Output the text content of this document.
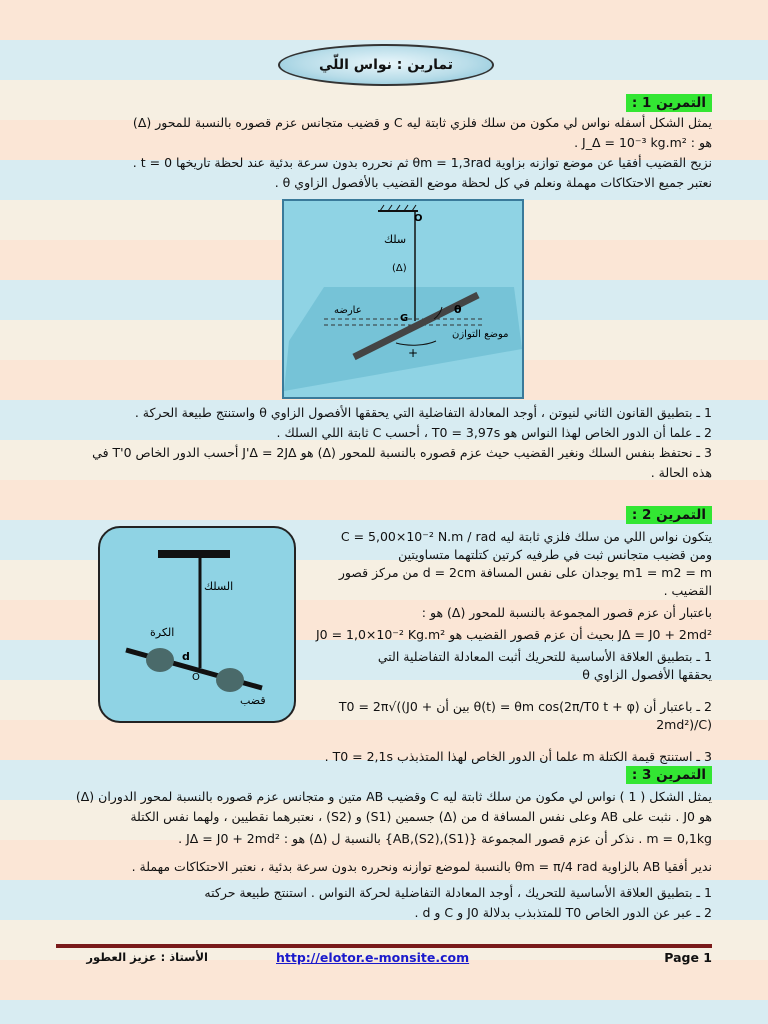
تمارين : نواس اللّي
التمرين 1 :
يمثل الشكل أسفله نواس لي مكون من سلك فلزي ثابتة ليه C و قضيب متجانس عزم قصوره بالنسبة للمحور (Δ)
هو : J_Δ = 10⁻³ kg.m² .
نزيح القضيب أفقيا عن موضع توازنه بزاوية θm = 1,3rad ثم نحرره بدون سرعة بدئية عند لحظة تاريخها t = 0 .
نعتبر جميع الاحتكاكات مهملة ونعلم في كل لحظة موضع القضيب بالأفصول الزاوي θ .
O
سلك
(Δ)
عارضه
G
θ
موضع التوازن
+
1 ـ بتطبيق القانون الثاني لنيوتن ، أوجد المعادلة التفاضلية التي يحققها الأفصول الزاوي θ واستنتج طبيعة الحركة .
2 ـ علما أن الدور الخاص لهذا النواس هو T0 = 3,97s ، أحسب C ثابتة اللي السلك .
3 ـ نحتفظ بنفس السلك ونغير القضيب حيث عزم قصوره بالنسبة للمحور (Δ) هو J'Δ = 2JΔ أحسب الدور الخاص T'0 في
هذه الحالة .
التمرين 2 :
السلك
الكرة
d
O
قضب
يتكون نواس اللي من سلك فلزي ثابتة ليه C = 5,00×10⁻² N.m / rad
ومن قضيب متجانس ثبت في طرفيه كرتين كتلتهما متساويتين
m1 = m2 = m يوجدان على نفس المسافة d = 2cm من مركز قصور
القضيب .
باعتبار أن عزم قصور المجموعة بالنسبة للمحور (Δ) هو :
JΔ = J0 + 2md² بحيث أن عزم قصور القضيب هو J0 = 1,0×10⁻² Kg.m²
1 ـ بتطبيق العلاقة الأساسية للتحريك أثبت المعادلة التفاضلية التي
يحققها الأفصول الزاوي θ
2 ـ باعتبار أن θ(t) = θm cos(2π/T0 t + φ) بين أن T0 = 2π√((J0 + 2md²)/C)
3 ـ استنتج قيمة الكتلة m علما أن الدور الخاص لهذا المتذبذب T0 = 2,1s .
التمرين 3 :
يمثل الشكل ( 1 ) نواس لي مكون من سلك ثابتة ليه C وقضيب AB متين و متجانس عزم قصوره بالنسبة لمحور الدوران (Δ)
هو J0 . نثبت على AB وعلى نفس المسافة d من (Δ) جسمين (S1) و (S2) ، نعتبرهما نقطيين ، ولهما نفس الكتلة
m = 0,1kg . نذكر أن عزم قصور المجموعة {(S1),(S2),AB} بالنسبة ل (Δ) هو : JΔ = J0 + 2md² .
ندير أفقيا AB بالزاوية θm = π/4 rad بالنسبة لموضع توازنه ونحرره بدون سرعة بدئية ، نعتبر الاحتكاكات مهملة .
1 ـ بتطبيق العلاقة الأساسية للتحريك ، أوجد المعادلة التفاضلية لحركة النواس . استنتج طبيعة حركته
2 ـ عبر عن الدور الخاص T0 للمتذبذب بدلالة J0 و C و d .
الأستاذ : عزيز العطور	http://elotor.e-monsite.com	Page 1
